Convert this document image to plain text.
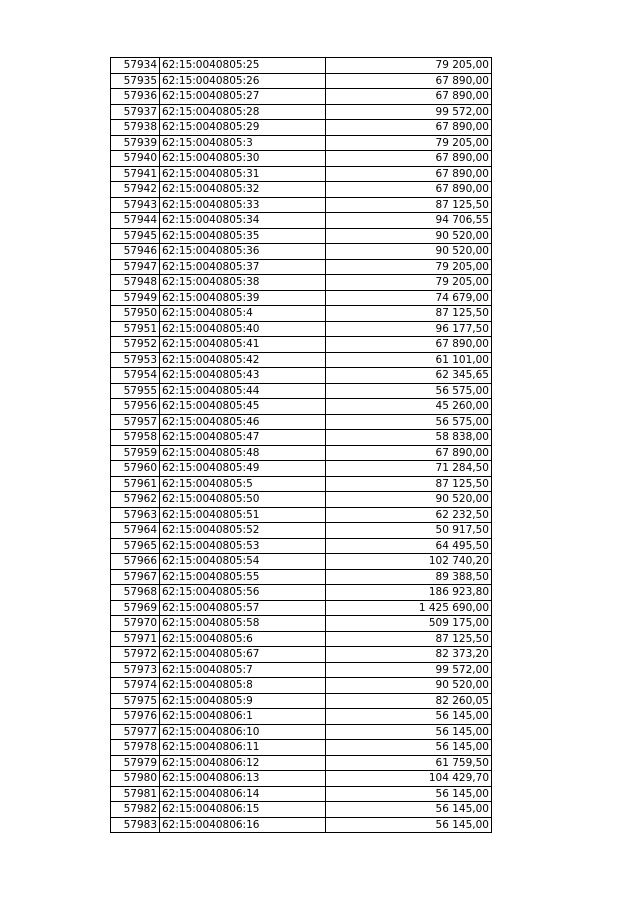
57934	62:15:0040805:25	79 205,00
57935	62:15:0040805:26	67 890,00
57936	62:15:0040805:27	67 890,00
57937	62:15:0040805:28	99 572,00
57938	62:15:0040805:29	67 890,00
57939	62:15:0040805:3	79 205,00
57940	62:15:0040805:30	67 890,00
57941	62:15:0040805:31	67 890,00
57942	62:15:0040805:32	67 890,00
57943	62:15:0040805:33	87 125,50
57944	62:15:0040805:34	94 706,55
57945	62:15:0040805:35	90 520,00
57946	62:15:0040805:36	90 520,00
57947	62:15:0040805:37	79 205,00
57948	62:15:0040805:38	79 205,00
57949	62:15:0040805:39	74 679,00
57950	62:15:0040805:4	87 125,50
57951	62:15:0040805:40	96 177,50
57952	62:15:0040805:41	67 890,00
57953	62:15:0040805:42	61 101,00
57954	62:15:0040805:43	62 345,65
57955	62:15:0040805:44	56 575,00
57956	62:15:0040805:45	45 260,00
57957	62:15:0040805:46	56 575,00
57958	62:15:0040805:47	58 838,00
57959	62:15:0040805:48	67 890,00
57960	62:15:0040805:49	71 284,50
57961	62:15:0040805:5	87 125,50
57962	62:15:0040805:50	90 520,00
57963	62:15:0040805:51	62 232,50
57964	62:15:0040805:52	50 917,50
57965	62:15:0040805:53	64 495,50
57966	62:15:0040805:54	102 740,20
57967	62:15:0040805:55	89 388,50
57968	62:15:0040805:56	186 923,80
57969	62:15:0040805:57	1 425 690,00
57970	62:15:0040805:58	509 175,00
57971	62:15:0040805:6	87 125,50
57972	62:15:0040805:67	82 373,20
57973	62:15:0040805:7	99 572,00
57974	62:15:0040805:8	90 520,00
57975	62:15:0040805:9	82 260,05
57976	62:15:0040806:1	56 145,00
57977	62:15:0040806:10	56 145,00
57978	62:15:0040806:11	56 145,00
57979	62:15:0040806:12	61 759,50
57980	62:15:0040806:13	104 429,70
57981	62:15:0040806:14	56 145,00
57982	62:15:0040806:15	56 145,00
57983	62:15:0040806:16	56 145,00
